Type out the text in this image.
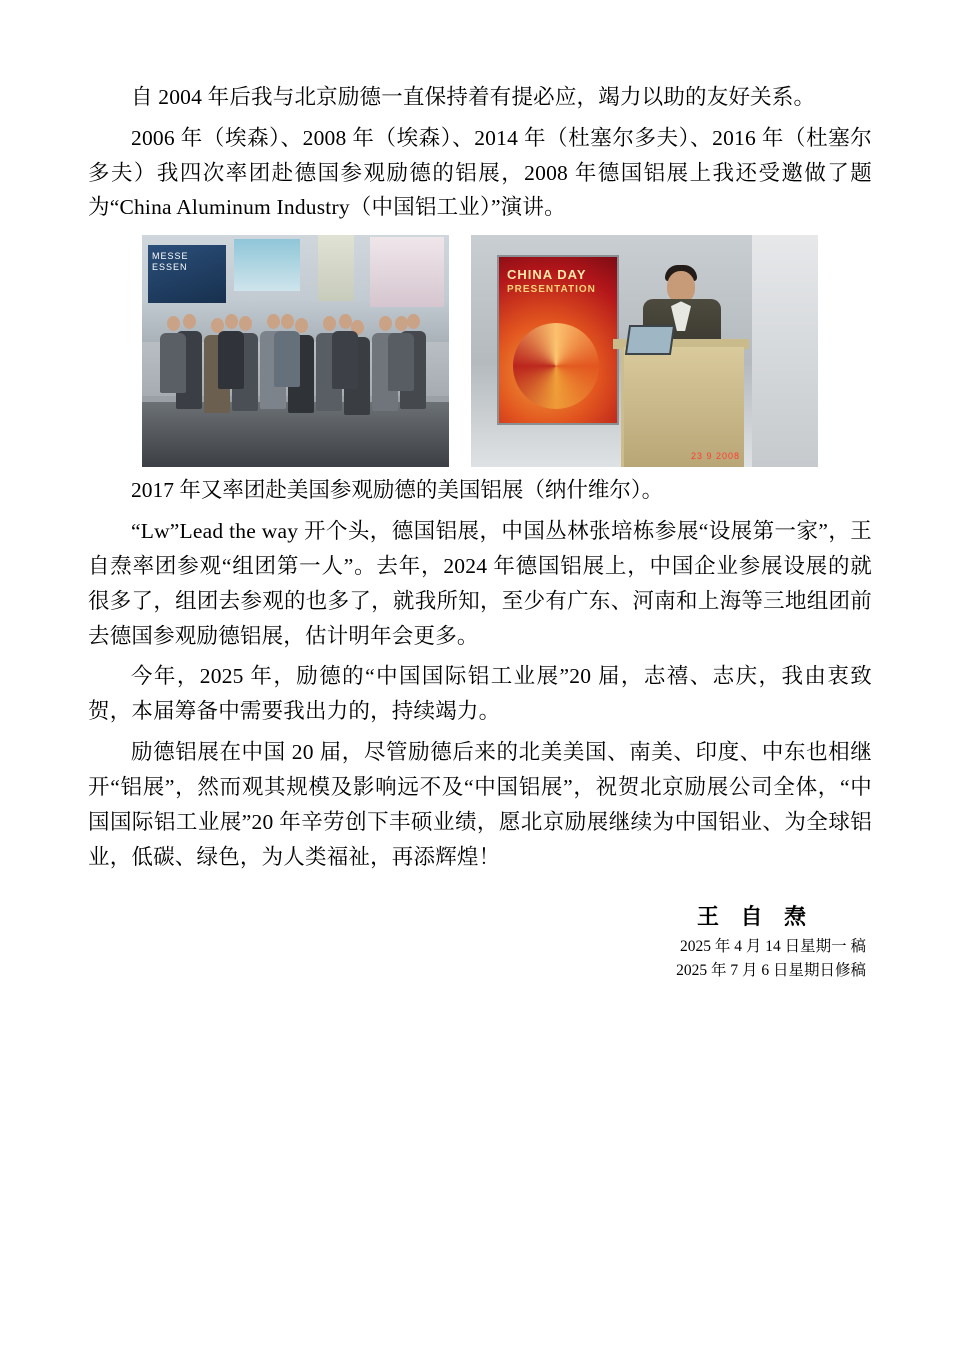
自 2004 年后我与北京励德一直保持着有提必应，竭力以助的友好关系。

2006 年（埃森）、2008 年（埃森）、2014 年（杜塞尔多夫）、2016 年（杜塞尔多夫）我四次率团赴德国参观励德的铝展，2008 年德国铝展上我还受邀做了题为“China Aluminum Industry（中国铝工业）”演讲。

MESSE
ESSEN	CHINA DAY
PRESENTATION
23 9 2008

2017 年又率团赴美国参观励德的美国铝展（纳什维尔）。

“Lw”Lead the way 开个头，德国铝展，中国丛林张培栋参展“设展第一家”，王自焘率团参观“组团第一人”。去年，2024 年德国铝展上，中国企业参展设展的就很多了，组团去参观的也多了，就我所知，至少有广东、河南和上海等三地组团前去德国参观励德铝展，估计明年会更多。

今年，2025 年，励德的“中国国际铝工业展”20 届，志禧、志庆，我由衷致贺，本届筹备中需要我出力的，持续竭力。

励德铝展在中国 20 届，尽管励德后来的北美美国、南美、印度、中东也相继开“铝展”，然而观其规模及影响远不及“中国铝展”，祝贺北京励展公司全体，“中国国际铝工业展”20 年辛劳创下丰硕业绩，愿北京励展继续为中国铝业、为全球铝业，低碳、绿色，为人类福祉，再添辉煌！

王 自 焘
2025 年 4 月 14 日星期一 稿
2025 年 7 月 6 日星期日修稿
